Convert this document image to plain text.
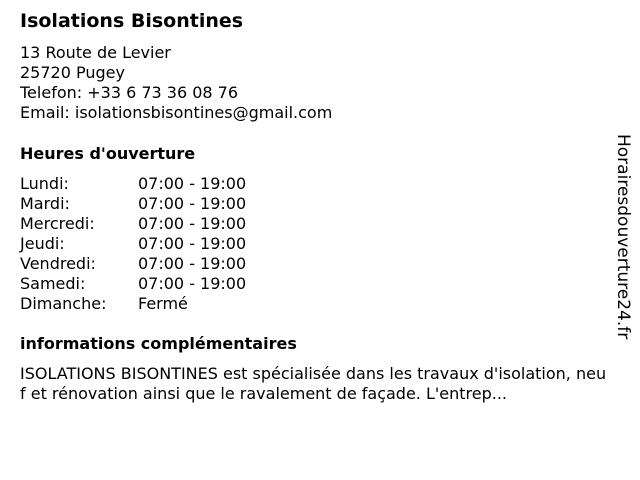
Isolations Bisontines
13 Route de Levier
25720 Pugey
Telefon: +33 6 73 36 08 76
Email: isolationsbisontines@gmail.com
Heures d'ouverture
Lundi:	07:00 - 19:00
Mardi:	07:00 - 19:00
Mercredi:	07:00 - 19:00
Jeudi:	07:00 - 19:00
Vendredi:	07:00 - 19:00
Samedi:	07:00 - 19:00
Dimanche:	Fermé
informations complémentaires
ISOLATIONS BISONTINES est spécialisée dans les travaux d'isolation, neuf et rénovation ainsi que le ravalement de façade. L'entrep...
Horairesdouverture24.fr
